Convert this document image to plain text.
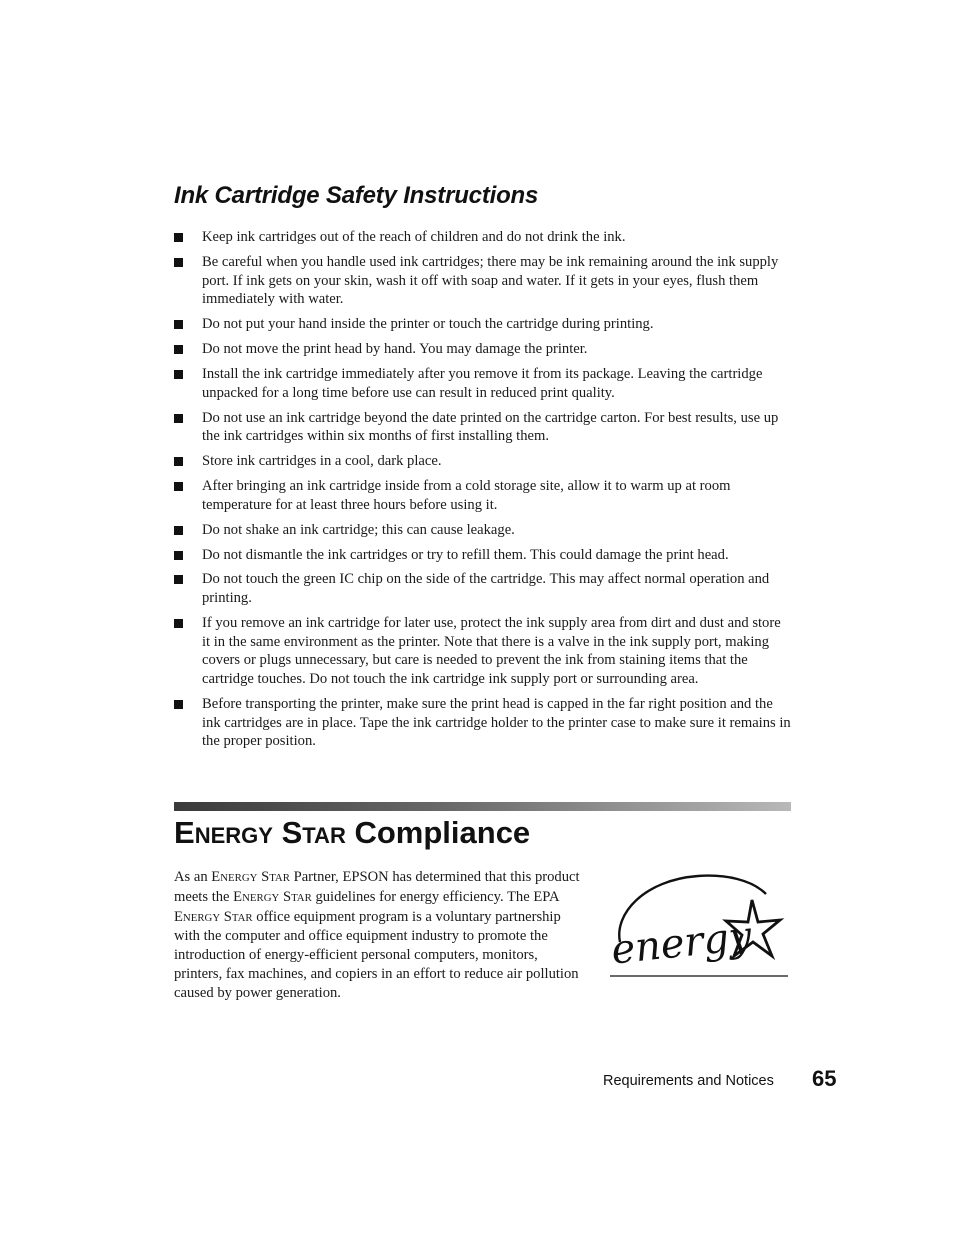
Ink Cartridge Safety Instructions
Keep ink cartridges out of the reach of children and do not drink the ink.
Be careful when you handle used ink cartridges; there may be ink remaining around the ink supply port. If ink gets on your skin, wash it off with soap and water. If it gets in your eyes, flush them immediately with water.
Do not put your hand inside the printer or touch the cartridge during printing.
Do not move the print head by hand. You may damage the printer.
Install the ink cartridge immediately after you remove it from its package. Leaving the cartridge unpacked for a long time before use can result in reduced print quality.
Do not use an ink cartridge beyond the date printed on the cartridge carton. For best results, use up the ink cartridges within six months of first installing them.
Store ink cartridges in a cool, dark place.
After bringing an ink cartridge inside from a cold storage site, allow it to warm up at room temperature for at least three hours before using it.
Do not shake an ink cartridge; this can cause leakage.
Do not dismantle the ink cartridges or try to refill them. This could damage the print head.
Do not touch the green IC chip on the side of the cartridge. This may affect normal operation and printing.
If you remove an ink cartridge for later use, protect the ink supply area from dirt and dust and store it in the same environment as the printer. Note that there is a valve in the ink supply port, making covers or plugs unnecessary, but care is needed to prevent the ink from staining items that the cartridge touches. Do not touch the ink cartridge ink supply port or surrounding area.
Before transporting the printer, make sure the print head is capped in the far right position and the ink cartridges are in place. Tape the ink cartridge holder to the printer case to make sure it remains in the proper position.
ENERGY STAR Compliance

As an ENERGY STAR Partner, EPSON has determined that this product meets the ENERGY STAR guidelines for energy efficiency. The EPA ENERGY STAR office equipment program is a voluntary partnership with the computer and office equipment industry to promote the introduction of energy-efficient personal computers, monitors, printers, fax machines, and copiers in an effort to reduce air pollution caused by power generation.

energy
Requirements and Notices 65
